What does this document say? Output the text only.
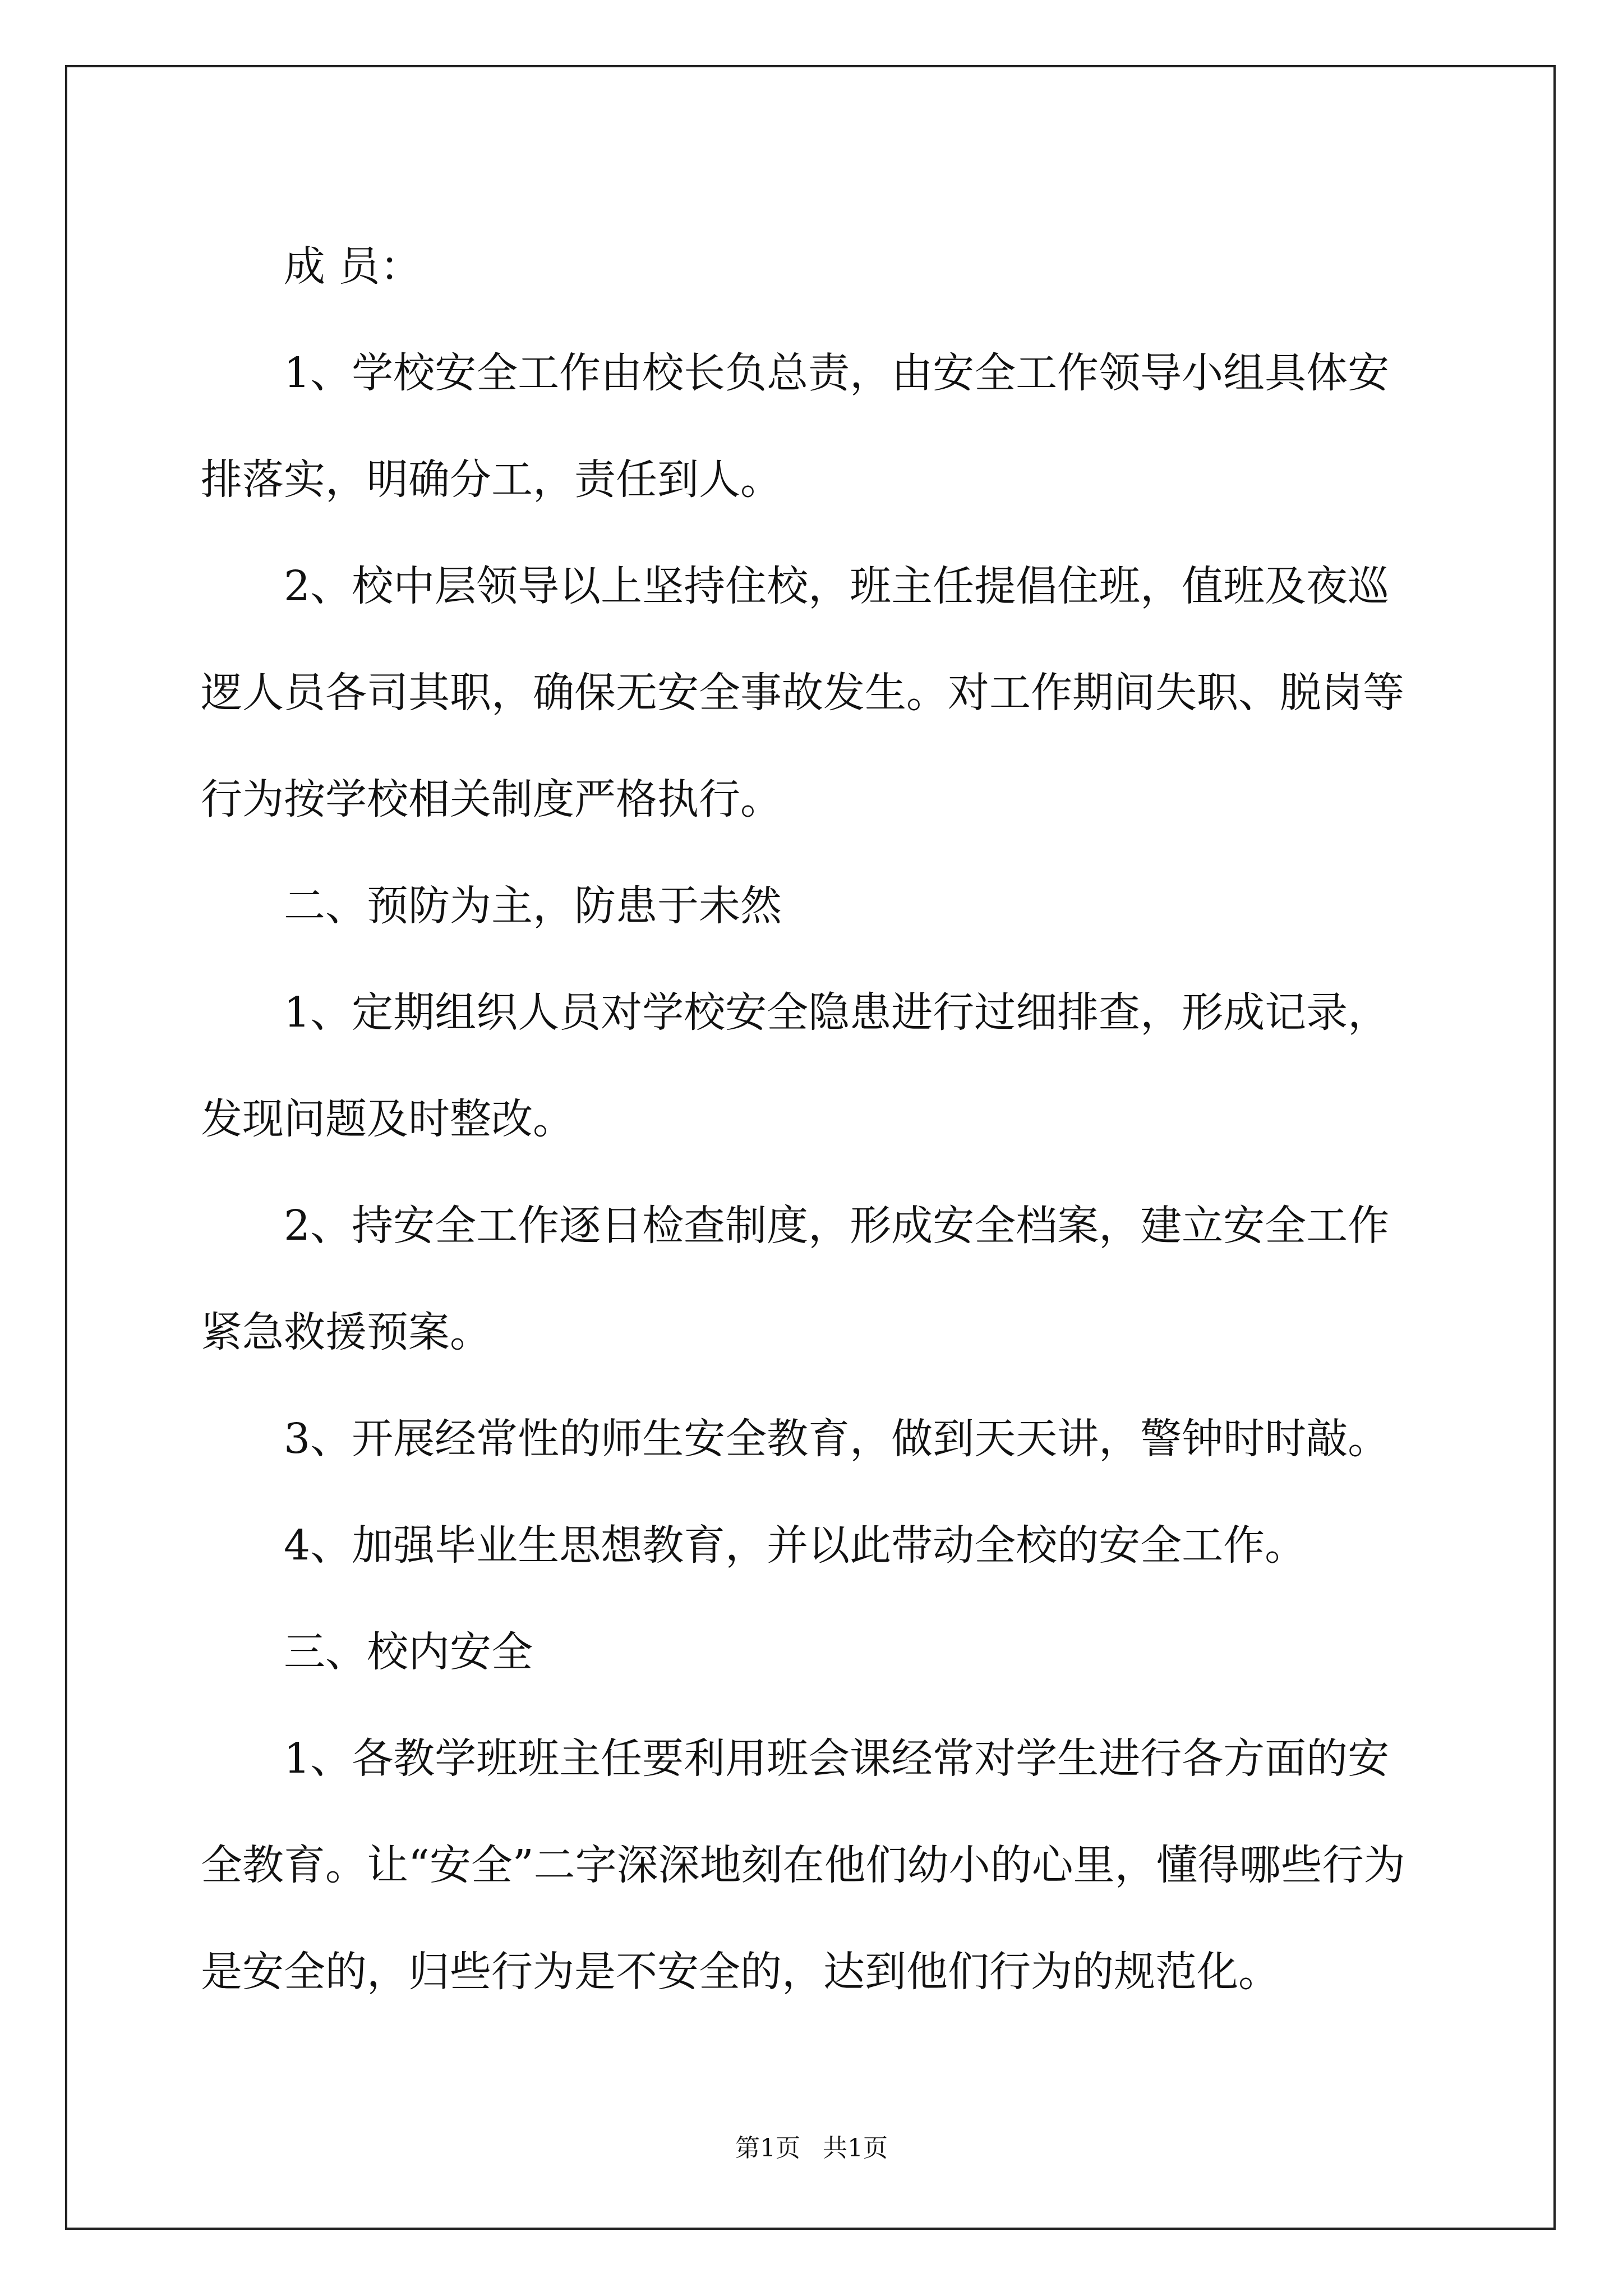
成 员：

1、学校安全工作由校长负总责，由安全工作领导小组具体安排落实，明确分工，责任到人。

2、校中层领导以上坚持住校，班主任提倡住班，值班及夜巡逻人员各司其职，确保无安全事故发生。对工作期间失职、脱岗等行为按学校相关制度严格执行。

二、预防为主，防患于未然

1、定期组织人员对学校安全隐患进行过细排查，形成记录，发现问题及时整改。

2、持安全工作逐日检查制度，形成安全档案，建立安全工作紧急救援预案。

3、开展经常性的师生安全教育，做到天天讲，警钟时时敲。

4、加强毕业生思想教育，并以此带动全校的安全工作。

三、校内安全

1、各教学班班主任要利用班会课经常对学生进行各方面的安全教育。让“安全”二字深深地刻在他们幼小的心里，懂得哪些行为是安全的，归些行为是不安全的，达到他们行为的规范化。

第1页 共1页
